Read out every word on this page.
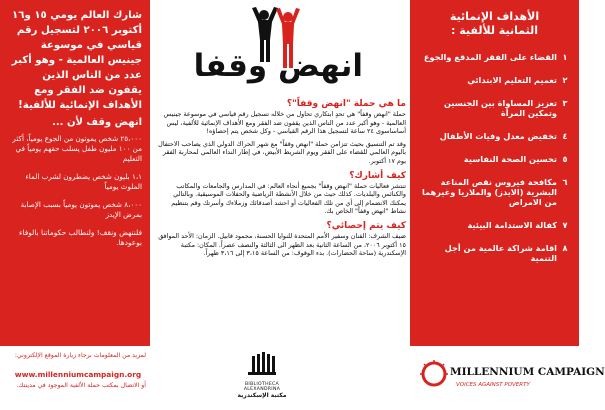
الأهداف الإنمائية
الثمانية للألفية :
١
القضاء على الفقر المدقع والجوع
٢
تعميم التعليم الابتدائي
٣
تعزيز المساواة بين الجنسين وتمكين المرأة
٤
تخفيض معدل وفيات الأطفال
٥
تحسين الصحة النفاسية
٦
مكافحة فيروس نقص المناعة البشرية (الايدز) والملاريا وغيرهما من الامراض
٧
كفالة الاستدامة البيئية
٨
اقامة شراكة عالمية من أجل التنمية
شارك العالم يومي ١٥ و١٦ أكتوبر ٢٠٠٦ لتسجيل رقم قياسي في موسوعة جينيس العالمية - وهو أكبر عدد من الناس الذين يقفون ضد الفقر ومع الأهداف الإنمائية للألفية!
انهض وقف لأن ...
٢٥،٠٠٠ شخص يموتون من الجوع يومياً، أكثر من ١٠٠ مليون طفل يسلب حقهم يومياً في التعليم
١،١ بليون شخص يضطرون لشرب الماء الملوث يومياً
٨،٠٠٠ شخص يموتون يومياً بسبب الإصابة بمرض الإيدز
فلننهض ونقف! ولنطالب حكوماتنا بالوفاء بوعودها.
انهض وقفا
ما هي حملة "انهض وقفاً"؟

حملة "انهض وقفاً" هي تحدٍ ابتكاري تحاول من خلاله تسجيل رقم قياسي في موسوعة جينيس العالمية - وهو أكبر عدد من الناس الذين يقفون ضد الفقر ومع الأهداف الإنمائية للألفية، ليس أساساسوى ٢٤ ساعة لتسجيل هذا الرقم القياسي - وكل شخص يتم إحصاؤه!

وقد تم التنسيق بحيث تتزامن حملة "انهض وقفاً" مع شهر الحراك الدولي الذي يصاحب الاحتفال باليوم العالمي للقضاء على الفقر ويوم الشريط الأبيض، في إطار النداء العالمي لمحاربة الفقر يوم ١٧ أكتوبر.

كيف أشارك؟

تنتشر فعاليات حملة "انهض وقفاً" بجميع أنحاء العالم: في المدارس والجامعات والمكاتب والكنائس والبلديات. كذلك حيث من خلال الأنشطة الرياضية والحفلات الموسيقية. وبالتالي يمكنك الانضمام إلى أي من تلك الفعاليات أو احشد أصدقائك وزملاءك وأسرتك وقم بتنظيم نشاط "انهض وقفاً" الخاص بك.

كيف يتم إحصائي؟

ضيف الشرف: الفنان وسفير الأمم المتحدة للنوايا الحسنة، محمود قابيل. الزمان: الأحد الموافق ١٥ أكتوبر ٢٠٠٦، من الساعة الثانية بعد الظهر الى الثالثة والنصف عصراً. المكان: مكتبة الإسكندرية (ساحة الحضارات). بدء الوقوف: من الساعة ٣،١٥ إلى ٣،١٦ ظهراً.

لمزيد من المعلومات برجاء زيارة الموقع الإلكتروني:
www.millenniumcampaign.org
أو الاتصال بمكتب حملة الألفية الموجود في مدينتك.	BIBLIOTHECA ALEXANDRINA
مكتبة الإسكندرية
MILLENNIUM CAMPAIGN
VOICES AGAINST POVERTY
